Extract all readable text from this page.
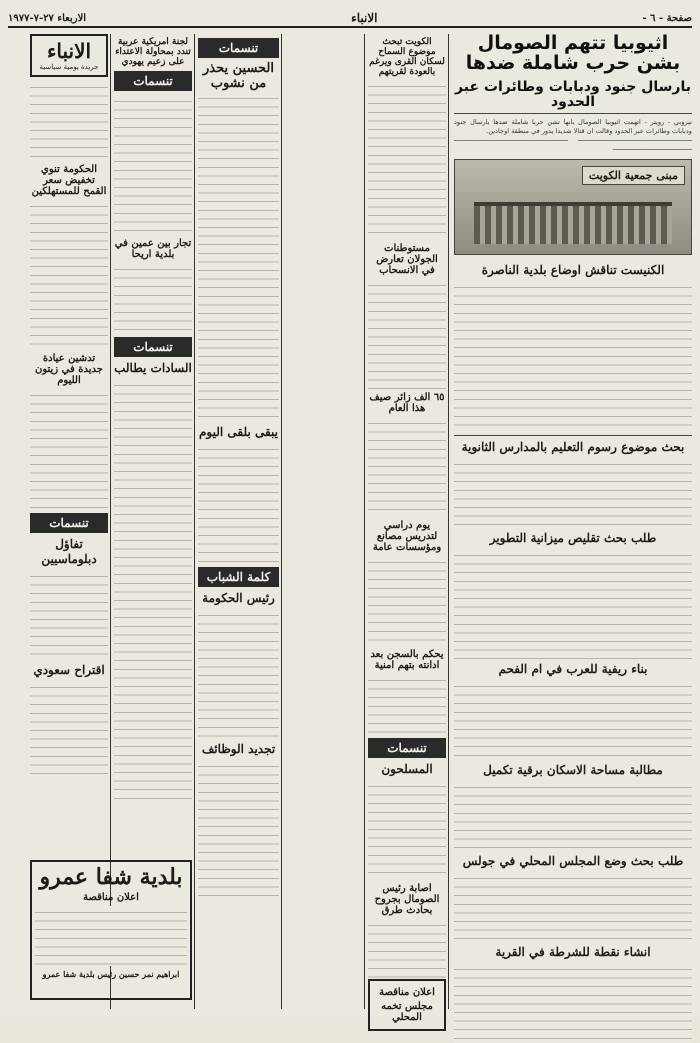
صفحة - ٦ -
الانباء
الاربعاء ٢٧-٧-١٩٧٧
اثيوبيا تتهم الصومال بشن حرب شاملة ضدها
بارسال جنود ودبابات وطائرات عبر الحدود
نيروبي - رويتر - اتهمت اثيوبيا الصومال بانها تشن حربا شاملة ضدها بارسال جنود ودبابات وطائرات عبر الحدود وقالت ان قتالا شديدا يدور في منطقة اوجادين.
ـــــــــــــــــــــــــــــــــــــــــــــــــــــــــــ ـــــــــــــــــــــــــــــــــــــــــــــــــــــــــــ ـــــــــــــــــــــــــــــــــــــــــ
مبنى جمعية الكويت
الكنيست تناقش اوضاع بلدية الناصرة
بحث موضوع رسوم التعليم بالمدارس الثانوية
طلب بحث تقليص ميزانية التطوير
بناء ريفية للعرب في ام الفحم
مطالبة مساحة الاسكان برقية تكميل
طلب بحث وضع المجلس المحلي في جولس
انشاء نقطة للشرطة في القرية
الكويت تبحث موضوع السماح لسكان القرى ويرغم بالعودة لقريتهم
مستوطنات الجولان تعارض في الانسحاب
٦٥ الف زائر صيف هذا العام
يوم دراسي لتدريس مصانع ومؤسسات عامة
يحكم بالسجن بعد ادانته بتهم امنية
تنسمات
المسلحون
اصابة رئيس الصومال بجروح بحادث طرق
اعلان مناقصة
مجلس تخمه المحلي
تنسمات
الحسين يحذر من نشوب
يبقى بلقى اليوم
كلمة الشباب
رئيس الحكومة
تجديد الوظائف
لجنة امريكية عربية تندد بمحاولة الاعتداء على زعيم يهودي
تنسمات
تجار بين عمين في بلدية اريحا
تنسمات
السادات يطالب
الانباء
جريدة يومية سياسية
الحكومة تنوي تخفيض سعر القمح للمستهلكين
تدشين عيادة جديدة في زيتون الليوم
تنسمات
تفاؤل دبلوماسيين
اقتراح سعودي
بلدية شفا عمرو
اعلان مناقصة
ابراهيم نمر حسين رئيس بلدية شفا عمرو
